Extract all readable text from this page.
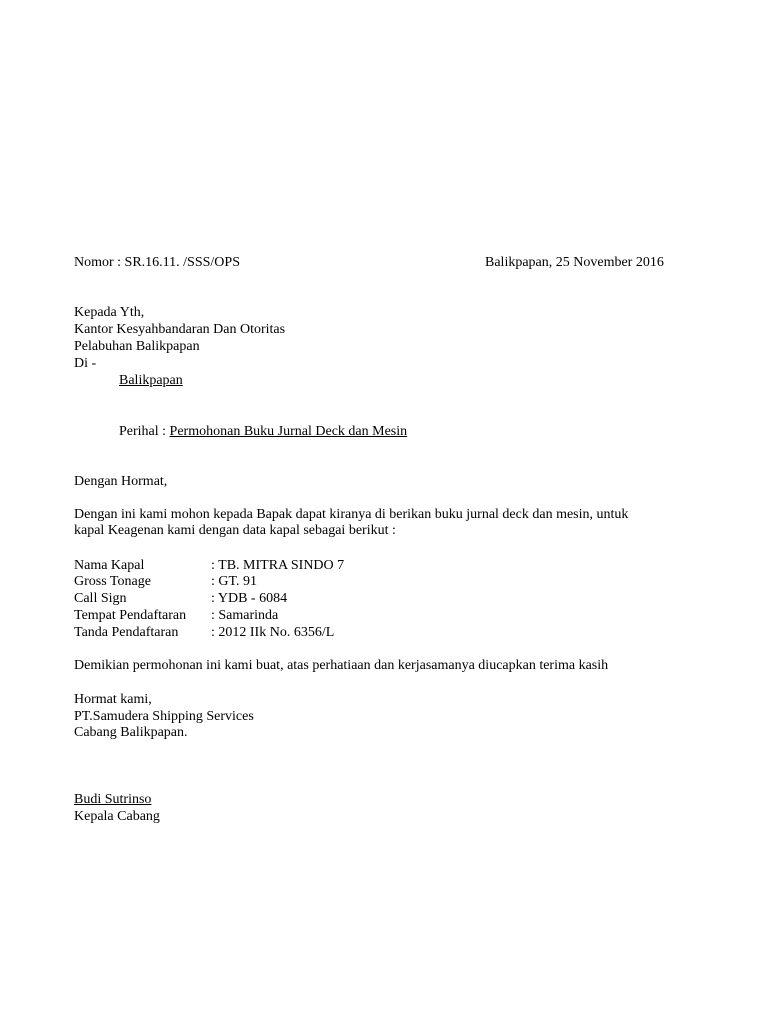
Nomor : SR.16.11. /SSS/OPS	Balikpapan, 25 November 2016
Kepada Yth,
Kantor Kesyahbandaran Dan Otoritas
Pelabuhan Balikpapan
Di -
Balikpapan
Perihal : Permohonan Buku Jurnal Deck dan Mesin
Dengan Hormat,
Dengan ini kami mohon kepada Bapak dapat kiranya di berikan buku jurnal deck dan mesin, untuk
kapal Keagenan kami dengan data kapal sebagai berikut :
Nama Kapal	: TB. MITRA SINDO 7
Gross Tonage	: GT. 91
Call Sign	: YDB - 6084
Tempat Pendaftaran : Samarinda
Tanda Pendaftaran : 2012 IIk No. 6356/L
Demikian permohonan ini kami buat, atas perhatiaan dan kerjasamanya diucapkan terima kasih
Hormat kami,
PT.Samudera Shipping Services
Cabang Balikpapan.
Budi Sutrinso
Kepala Cabang
